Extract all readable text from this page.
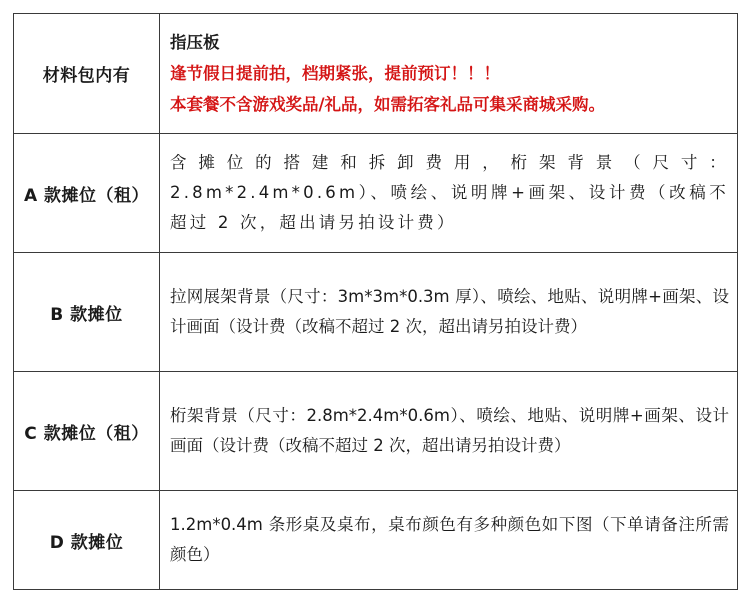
材料包内有	指压板
逢节假日提前拍，档期紧张，提前预订！！！
本套餐不含游戏奖品/礼品，如需拓客礼品可集采商城采购。

A 款摊位（租）	含摊位的搭建和拆卸费用，桁架背景（尺寸：2.8m*2.4m*0.6m）、喷绘、说明牌+画架、设计费（改稿不超过 2 次，超出请另拍设计费）
B 款摊位	拉网展架背景（尺寸：3m*3m*0.3m 厚）、喷绘、地贴、说明牌+画架、设计画面（设计费（改稿不超过 2 次，超出请另拍设计费）
C 款摊位（租）	桁架背景（尺寸：2.8m*2.4m*0.6m）、喷绘、地贴、说明牌+画架、设计画面（设计费（改稿不超过 2 次，超出请另拍设计费）
D 款摊位	1.2m*0.4m 条形桌及桌布，桌布颜色有多种颜色如下图（下单请备注所需颜色）
